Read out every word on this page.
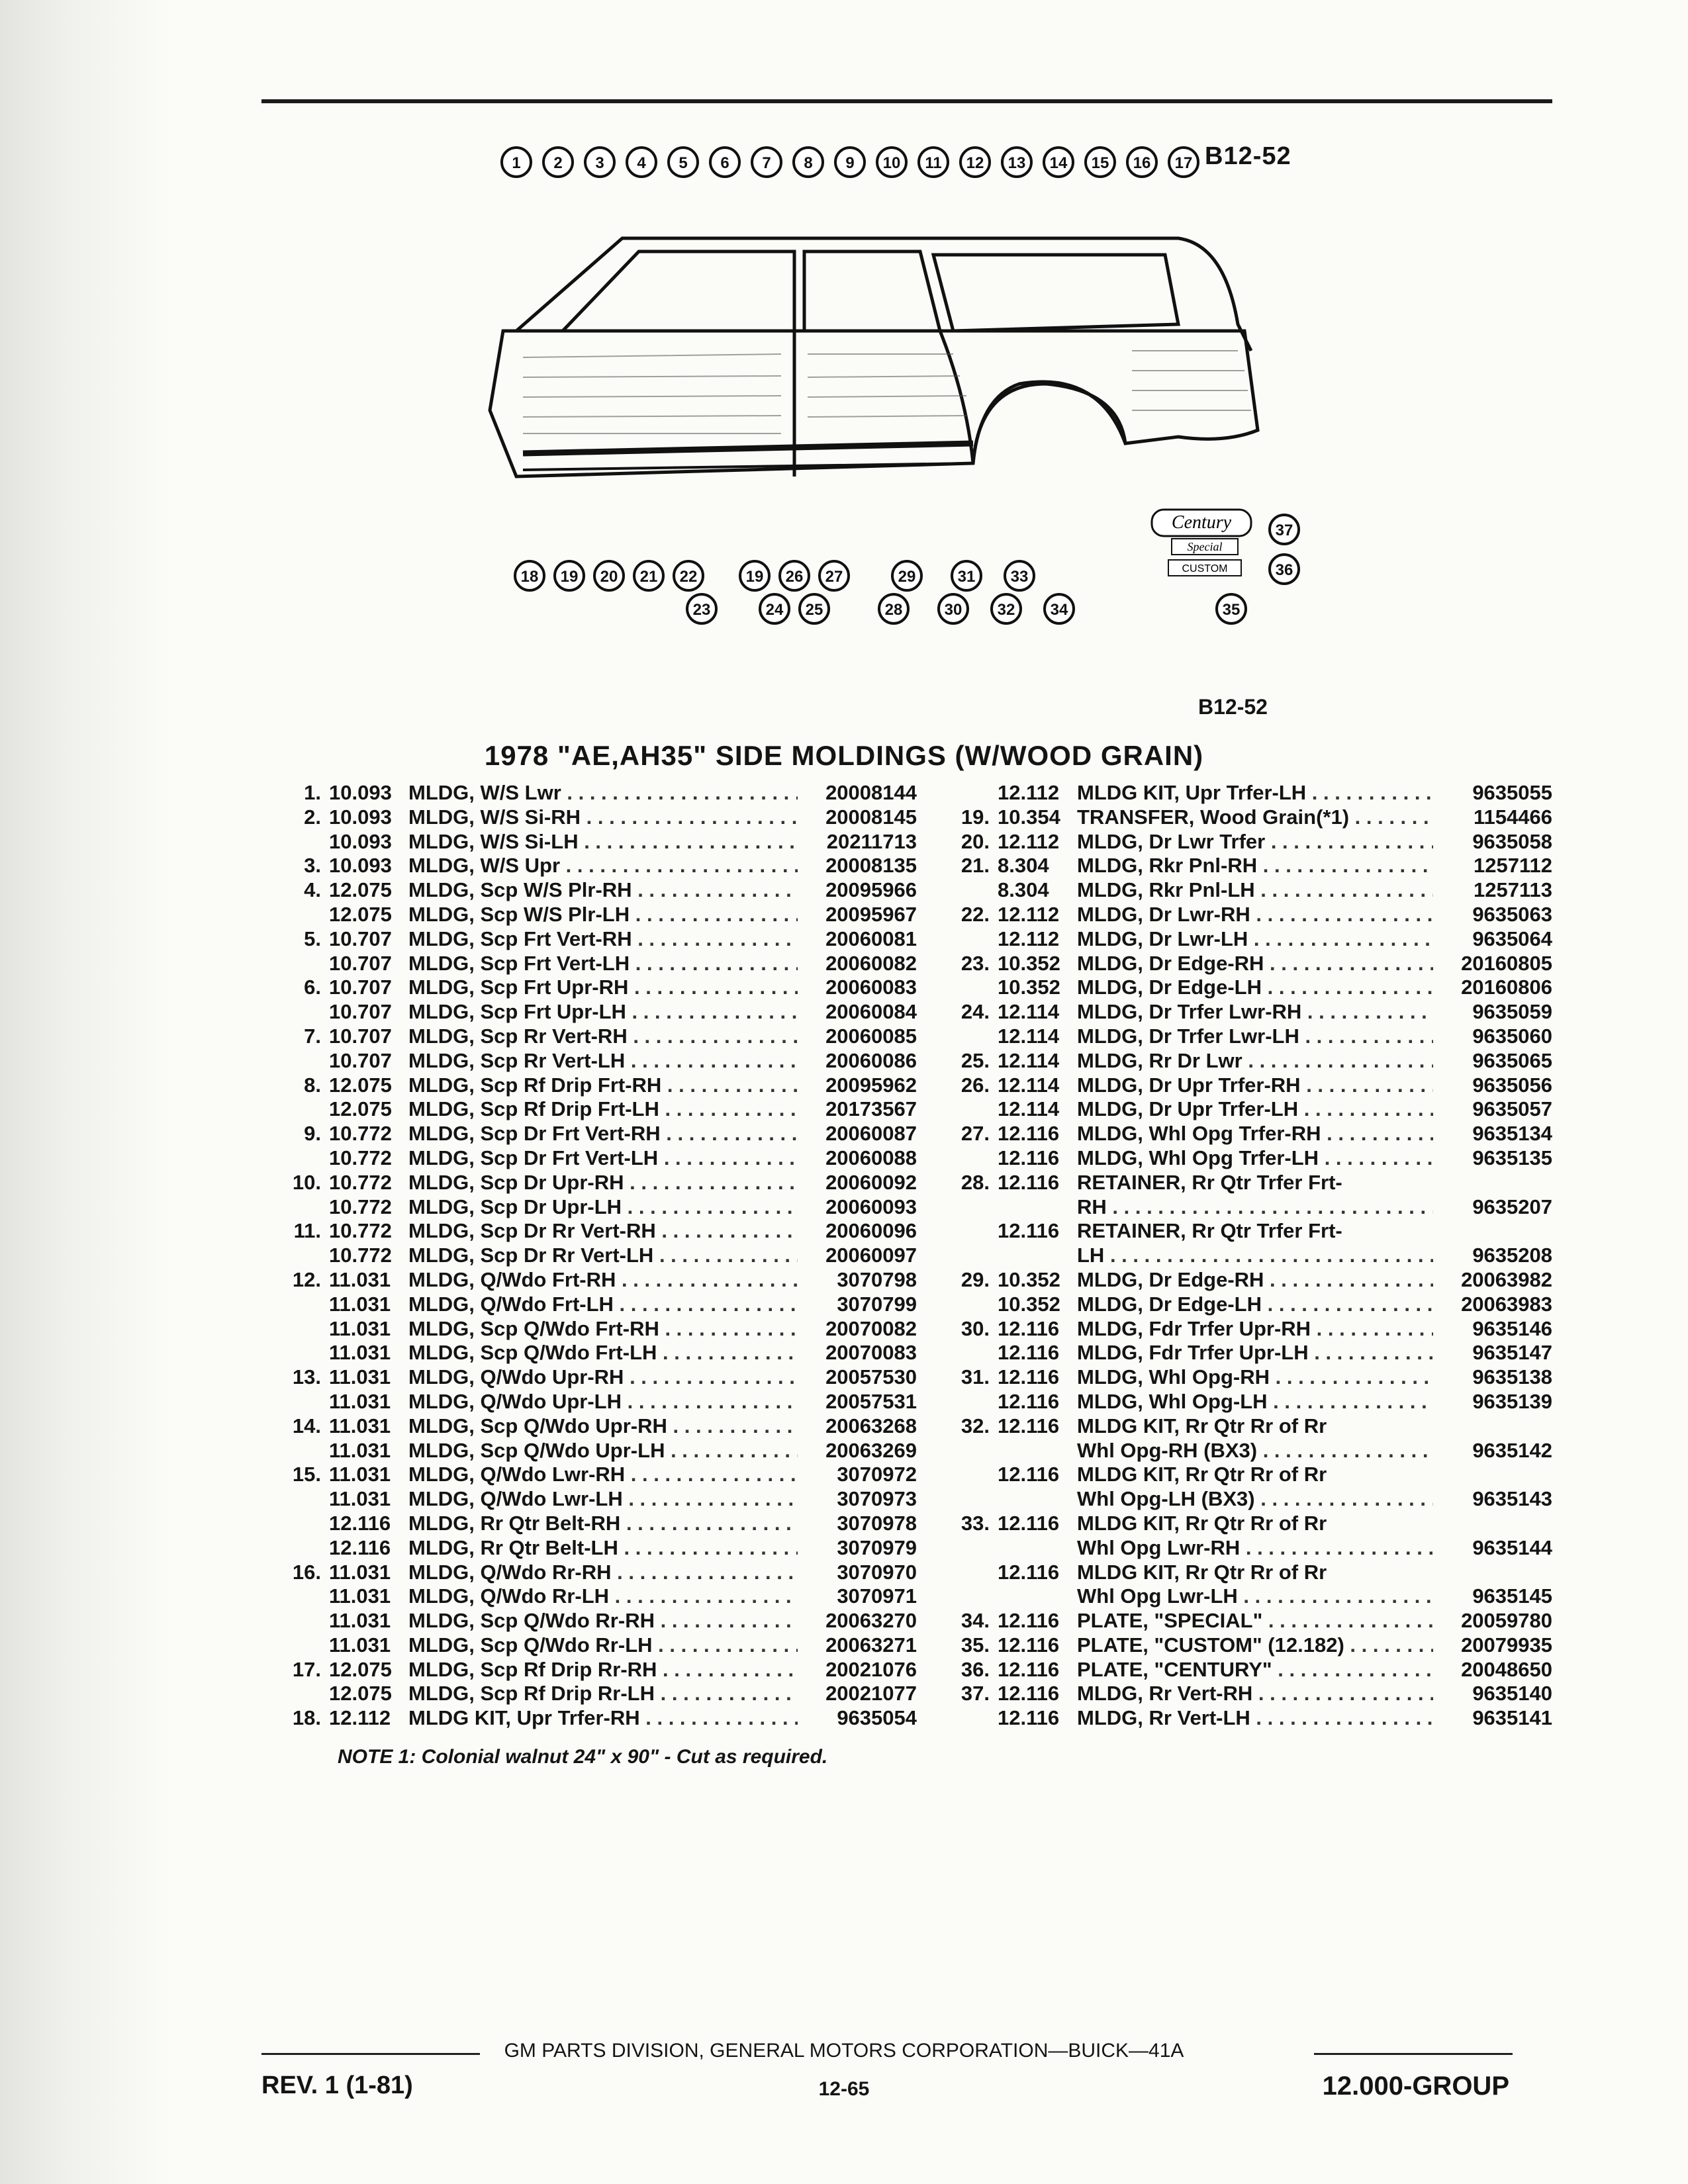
1 2 3 4 5 6 7 8 9 10 11 12 13 14 15 16 17
18 19 20 21 22	19 26 27	29	31 33
23	24 25	28	30 32 34
37
36
35
Century
Special
CUSTOM
B12-52
B12-52
1978 "AE,AH35" SIDE MOLDINGS (W/WOOD GRAIN)
1. 10.093 MLDG, W/S Lwr . . .	20008144
2. 10.093 MLDG, W/S Si-RH . . .	20008145
10.093 MLDG, W/S Si-LH . . .	20211713
3. 10.093 MLDG, W/S Upr . . .	20008135
4. 12.075 MLDG, Scp W/S Plr-RH . . .	20095966
12.075 MLDG, Scp W/S Plr-LH . . .	20095967
5. 10.707 MLDG, Scp Frt Vert-RH . . .	20060081
10.707 MLDG, Scp Frt Vert-LH . . .	20060082
6. 10.707 MLDG, Scp Frt Upr-RH . . .	20060083
10.707 MLDG, Scp Frt Upr-LH . . .	20060084
7. 10.707 MLDG, Scp Rr Vert-RH . . .	20060085
10.707 MLDG, Scp Rr Vert-LH . . .	20060086
8. 12.075 MLDG, Scp Rf Drip Frt-RH . . .	20095962
12.075 MLDG, Scp Rf Drip Frt-LH . . .	20173567
9. 10.772 MLDG, Scp Dr Frt Vert-RH . . .	20060087
10.772 MLDG, Scp Dr Frt Vert-LH . . .	20060088
10. 10.772 MLDG, Scp Dr Upr-RH . . .	20060092
10.772 MLDG, Scp Dr Upr-LH . . .	20060093
11. 10.772 MLDG, Scp Dr Rr Vert-RH . . .	20060096
10.772 MLDG, Scp Dr Rr Vert-LH . . .	20060097
12. 11.031 MLDG, Q/Wdo Frt-RH . . .	3070798
11.031 MLDG, Q/Wdo Frt-LH . . .	3070799
11.031 MLDG, Scp Q/Wdo Frt-RH . . .	20070082
11.031 MLDG, Scp Q/Wdo Frt-LH . . .	20070083
13. 11.031 MLDG, Q/Wdo Upr-RH . . .	20057530
11.031 MLDG, Q/Wdo Upr-LH . . .	20057531
14. 11.031 MLDG, Scp Q/Wdo Upr-RH . . .	20063268
11.031 MLDG, Scp Q/Wdo Upr-LH . . .	20063269
15. 11.031 MLDG, Q/Wdo Lwr-RH . . .	3070972
11.031 MLDG, Q/Wdo Lwr-LH . . .	3070973
12.116 MLDG, Rr Qtr Belt-RH . . .	3070978
12.116 MLDG, Rr Qtr Belt-LH . . .	3070979
16. 11.031 MLDG, Q/Wdo Rr-RH . . .	3070970
11.031 MLDG, Q/Wdo Rr-LH . . .	3070971
11.031 MLDG, Scp Q/Wdo Rr-RH . . .	20063270
11.031 MLDG, Scp Q/Wdo Rr-LH . . .	20063271
17. 12.075 MLDG, Scp Rf Drip Rr-RH . . .	20021076
12.075 MLDG, Scp Rf Drip Rr-LH . . .	20021077
18. 12.112 MLDG KIT, Upr Trfer-RH . . .	9635054
12.112 MLDG KIT, Upr Trfer-LH . . .	9635055
19. 10.354 TRANSFER, Wood Grain(*1) . . .	1154466
20. 12.112 MLDG, Dr Lwr Trfer . . .	9635058
21. 8.304	MLDG, Rkr Pnl-RH . . .	1257112
8.304	MLDG, Rkr Pnl-LH . . .	1257113
22. 12.112 MLDG, Dr Lwr-RH . . .	9635063
12.112 MLDG, Dr Lwr-LH . . .	9635064
23. 10.352 MLDG, Dr Edge-RH . . .	20160805
10.352 MLDG, Dr Edge-LH . . .	20160806
24. 12.114 MLDG, Dr Trfer Lwr-RH . . .	9635059
12.114 MLDG, Dr Trfer Lwr-LH . . .	9635060
25. 12.114 MLDG, Rr Dr Lwr . . .	9635065
26. 12.114 MLDG, Dr Upr Trfer-RH . . .	9635056
12.114 MLDG, Dr Upr Trfer-LH . . .	9635057
27. 12.116 MLDG, Whl Opg Trfer-RH . . .	9635134
12.116 MLDG, Whl Opg Trfer-LH . . .	9635135
28. 12.116 RETAINER, Rr Qtr Trfer Frt-
RH . . .	9635207
12.116 RETAINER, Rr Qtr Trfer Frt-
LH . . .	9635208
29. 10.352 MLDG, Dr Edge-RH . . .	20063982
10.352 MLDG, Dr Edge-LH . . .	20063983
30. 12.116 MLDG, Fdr Trfer Upr-RH . . .	9635146
12.116 MLDG, Fdr Trfer Upr-LH . . .	9635147
31. 12.116 MLDG, Whl Opg-RH . . .	9635138
12.116 MLDG, Whl Opg-LH . . .	9635139
32. 12.116 MLDG KIT, Rr Qtr Rr of Rr
Whl Opg-RH (BX3) . . .	9635142
12.116 MLDG KIT, Rr Qtr Rr of Rr
Whl Opg-LH (BX3) . . .	9635143
33. 12.116 MLDG KIT, Rr Qtr Rr of Rr
Whl Opg Lwr-RH . . .	9635144
12.116 MLDG KIT, Rr Qtr Rr of Rr
Whl Opg Lwr-LH . . .	9635145
34. 12.116 PLATE, "SPECIAL" . . .	20059780
35. 12.116 PLATE, "CUSTOM" (12.182) . . .	20079935
36. 12.116 PLATE, "CENTURY" . . .	20048650
37. 12.116 MLDG, Rr Vert-RH . . .	9635140
12.116 MLDG, Rr Vert-LH . . .	9635141
NOTE 1: Colonial walnut 24" x 90" - Cut as required.
GM PARTS DIVISION, GENERAL MOTORS CORPORATION—BUICK—41A
REV. 1 (1-81)	12-65	12.000-GROUP
